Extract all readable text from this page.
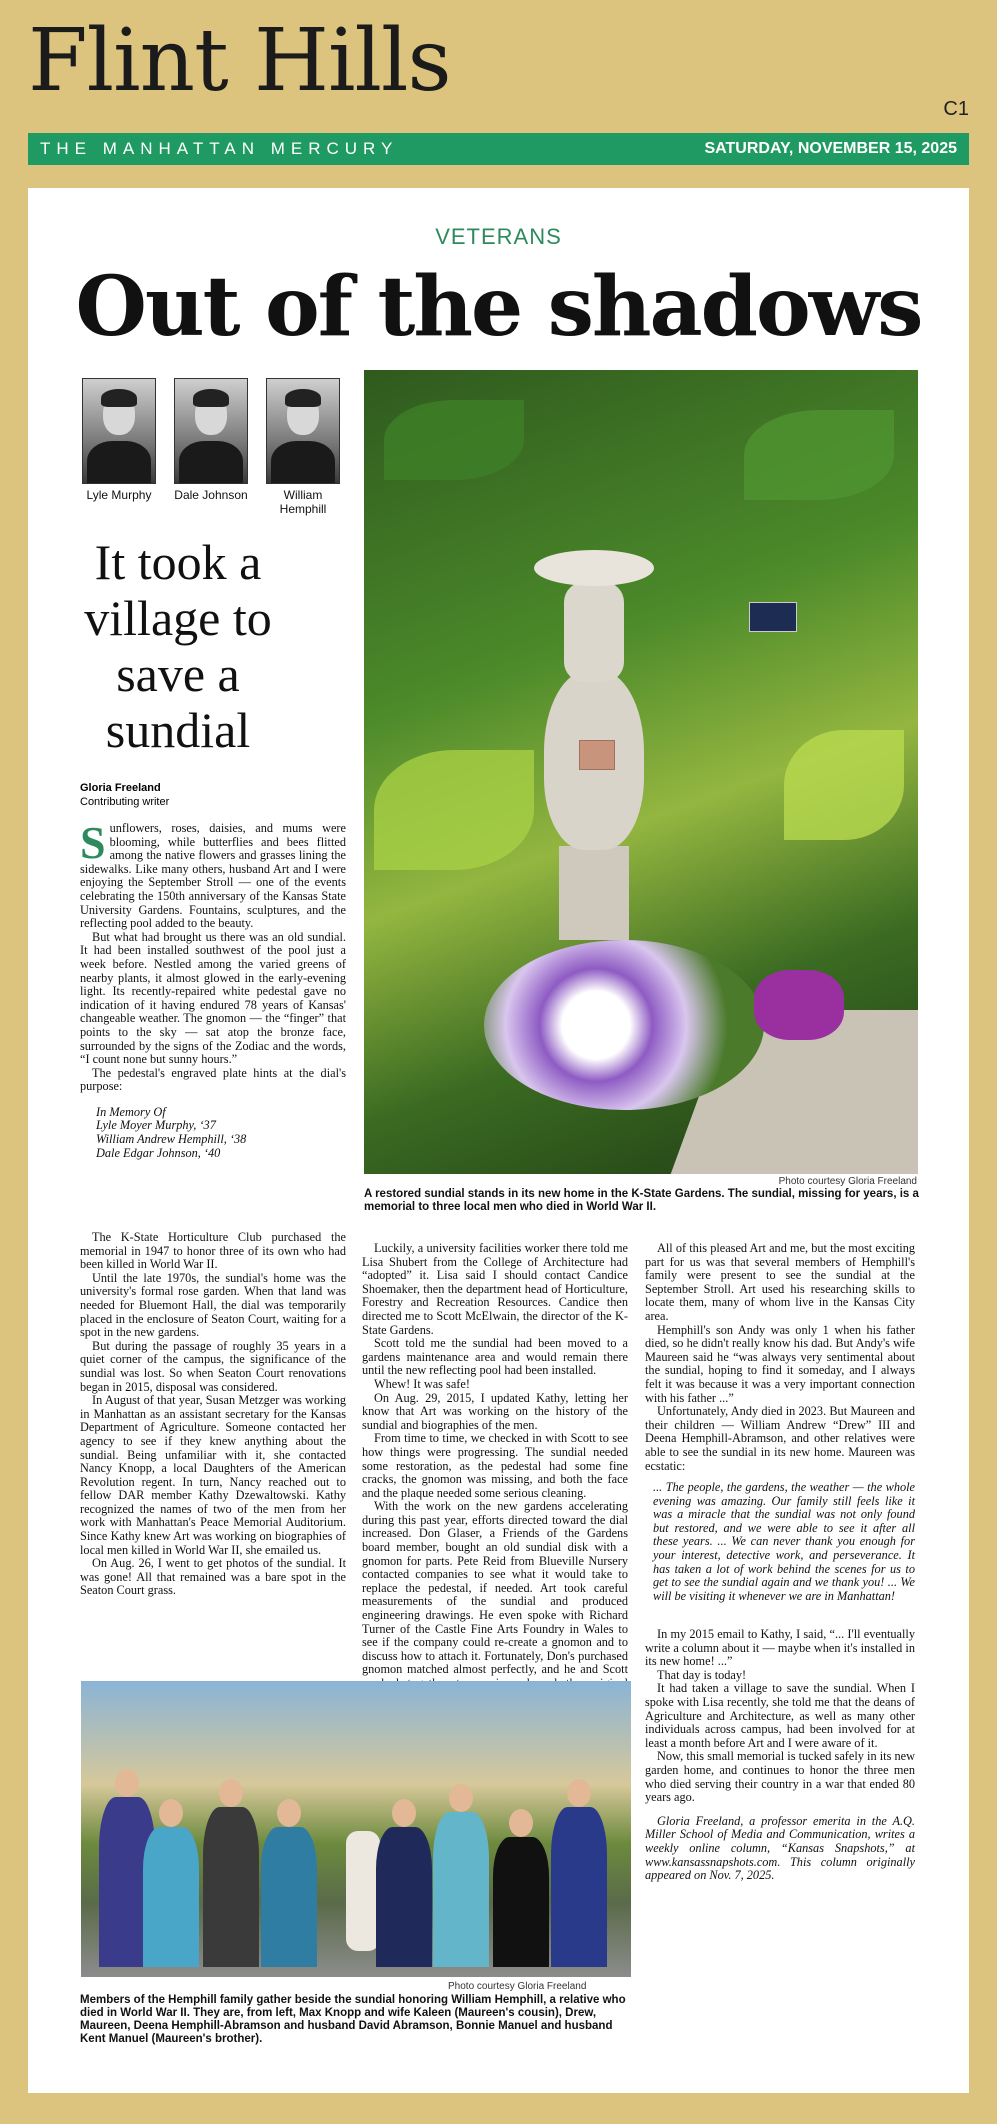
Flint Hills	C1
THE MANHATTAN MERCURY	SATURDAY, NOVEMBER 15, 2025
VETERANS
Out of the shadows
Lyle Murphy	Dale Johnson	William Hemphill
It took a village to save a sundial
Gloria Freeland
Contributing writer

Sunflowers, roses, daisies, and mums were blooming, while butterflies and bees flitted among the native flowers and grasses lining the sidewalks. Like many others, husband Art and I were enjoying the September Stroll — one of the events celebrating the 150th anniversary of the Kansas State University Gardens. Fountains, sculptures, and the reflecting pool added to the beauty.

But what had brought us there was an old sundial. It had been installed southwest of the pool just a week before. Nestled among the varied greens of nearby plants, it almost glowed in the early-evening light. Its recently-repaired white pedestal gave no indication of it having endured 78 years of Kansas' changeable weather. The gnomon — the “finger” that points to the sky — sat atop the bronze face, surrounded by the signs of the Zodiac and the words, “I count none but sunny hours.”

The pedestal's engraved plate hints at the dial's purpose:

In Memory Of
Lyle Moyer Murphy, ‘37
William Andrew Hemphill, ‘38
Dale Edgar Johnson, ‘40

The K-State Horticulture Club purchased the memorial in 1947 to honor three of its own who had been killed in World War II.

Until the late 1970s, the sundial's home was the university's formal rose garden. When that land was needed for Bluemont Hall, the dial was temporarily placed in the enclosure of Seaton Court, waiting for a spot in the new gardens.

But during the passage of roughly 35 years in a quiet corner of the campus, the significance of the sundial was lost. So when Seaton Court renovations began in 2015, disposal was considered.

In August of that year, Susan Metzger was working in Manhattan as an assistant secretary for the Kansas Department of Agriculture. Someone contacted her agency to see if they knew anything about the sundial. Being unfamiliar with it, she contacted Nancy Knopp, a local Daughters of the American Revolution regent. In turn, Nancy reached out to fellow DAR member Kathy Dzewaltowski. Kathy recognized the names of two of the men from her work with Manhattan's Peace Memorial Auditorium. Since Kathy knew Art was working on biographies of local men killed in World War II, she emailed us.

On Aug. 26, I went to get photos of the sundial. It was gone! All that remained was a bare spot in the Seaton Court grass.

Luckily, a university facilities worker there told me Lisa Shubert from the College of Architecture had “adopted” it. Lisa said I should contact Candice Shoemaker, then the department head of Horticulture, Forestry and Recreation Resources. Candice then directed me to Scott McElwain, the director of the K-State Gardens.

Scott told me the sundial had been moved to a gardens maintenance area and would remain there until the new reflecting pool had been installed.

Whew! It was safe!

On Aug. 29, 2015, I updated Kathy, letting her know that Art was working on the history of the sundial and biographies of the men.

From time to time, we checked in with Scott to see how things were progressing. The sundial needed some restoration, as the pedestal had some fine cracks, the gnomon was missing, and both the face and the plaque needed some serious cleaning.

With the work on the new gardens accelerating during this past year, efforts directed toward the dial increased. Don Glaser, a Friends of the Gardens board member, bought an old sundial disk with a gnomon for parts. Pete Reid from Blueville Nursery contacted companies to see what it would take to replace the pedestal, if needed. Art took careful measurements of the sundial and produced engineering drawings. He even spoke with Richard Turner of the Castle Fine Arts Foundry in Wales to see if the company could re-create a gnomon and to discuss how to attach it. Fortunately, Don's purchased gnomon matched almost perfectly, and he and Scott

All of this pleased Art and me, but the most exciting part for us was that several members of Hemphill's family were present to see the sundial at the September Stroll. Art used his researching skills to locate them, many of whom live in the Kansas City area.

Hemphill's son Andy was only 1 when his father died, so he didn't really know his dad. But Andy's wife Maureen said he “was always very sentimental about the sundial, hoping to find it someday, and I always felt it was because it was a very important connection with his father ...”

Unfortunately, Andy died in 2023. But Maureen and their children — William Andrew “Drew” III and Deena Hemphill-Abramson, and other relatives were able to see the sundial in its new home. Maureen was ecstatic:

... The people, the gardens, the weather — the whole evening was amazing. Our family still feels like it was a miracle that the sundial was not only found but restored, and we were able to see it after all these years. ... We can never thank you enough for your interest, detective work, and perseverance. It has taken a lot of work behind the scenes for us to get to see the sundial again and we thank you! ... We will be visiting it whenever we are in Manhattan!

In my 2015 email to Kathy, I said, “... I'll eventually write a column about it — maybe when it's installed in its new home! ...”

That day is today!

It had taken a village to save the sundial. When I spoke with Lisa recently, she told me that the deans of Agriculture and Architecture, as well as many other individuals across campus, had been involved for at least a month before Art and I were aware of it.

Now, this small memorial is tucked safely in its new garden home, and continues to honor the three men who died serving their country in a war that ended 80 years ago.

Gloria Freeland, a professor emerita in the A.Q. Miller School of Media and Communication, writes a weekly online column, “Kansas Snapshots,” at www.kansassnapshots.com. This column originally appeared on Nov. 7, 2025.

Photo courtesy Gloria Freeland
A restored sundial stands in its new home in the K-State Gardens. The sundial, missing for years, is a memorial to three local men who died in World War II.
Photo courtesy Gloria Freeland
Members of the Hemphill family gather beside the sundial honoring William Hemphill, a relative who died in World War II. They are, from left, Max Knopp and wife Kaleen (Maureen's cousin), Drew, Maureen, Deena Hemphill-Abramson and husband David Abramson, Bonnie Manuel and husband Kent Manuel (Maureen's brother).
